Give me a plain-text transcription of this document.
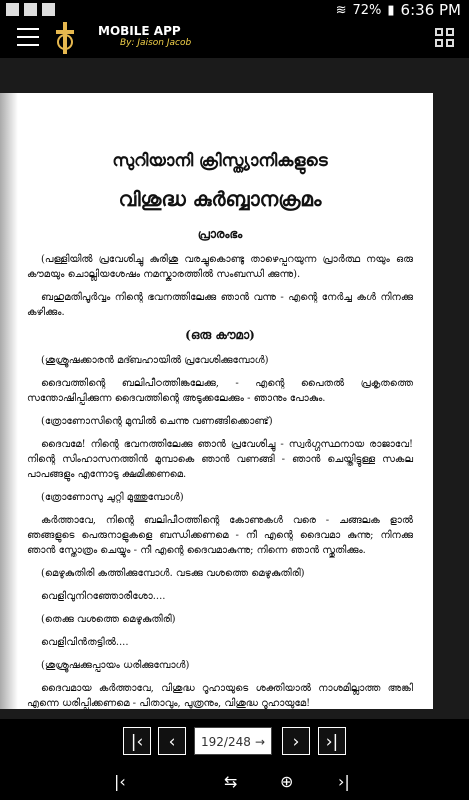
≋ 72% ▮ 6:36 PM
MOBILE APP
By: Jaison Jacob
സുറിയാനി ക്രിസ്ത്യാനികളുടെ
വിശുദ്ധ കുർബ്ബാനക്രമം
പ്രാരംഭം
(പള്ളിയിൽ പ്രവേശിച്ചു കുരിശു വരച്ചുകൊണ്ടു താഴെപ്പറയുന്ന പ്രാർത്ഥ നയും ഒരു കൗമയും ചൊല്ലിയശേഷം നമസ്കാരത്തിൽ സംബന്ധി ക്കുന്നു).
ബഹുമതിപൂർവ്വം നിന്റെ ഭവനത്തിലേക്കു ഞാൻ വന്നു - എന്റെ നേർച്ച കൾ നിനക്കു കഴിക്കും.
(ഒരു കൗമാ)
(ശുശ്രൂഷക്കാരൻ മദ്ബഹായിൽ പ്രവേശിക്കുമ്പോൾ)
ദൈവത്തിന്റെ ബലിപീഠത്തിങ്കലേക്കു, - എന്റെ പൈതൽ പ്രകൃതത്തെ സന്തോഷിപ്പിക്കുന്ന ദൈവത്തിന്റെ അടുക്കലേക്കും - ഞാനും പോകും.
(ത്രോണോസിന്റെ മുമ്പിൽ ചെന്നു വണങ്ങിക്കൊണ്ട്)
ദൈവമേ! നിന്റെ ഭവനത്തിലേക്കു ഞാൻ പ്രവേശിച്ചു - സ്വർഗ്ഗസ്ഥനായ രാജാവേ! നിന്റെ സിംഹാസനത്തിൻ മുമ്പാകെ ഞാൻ വണങ്ങി - ഞാൻ ചെയ്തിട്ടുള്ള സകല പാപങ്ങളും എന്നോടു ക്ഷമിക്കണമെ.
(ത്രോണോസു ചുറ്റി മുത്തുമ്പോൾ)
കർത്താവേ, നിന്റെ ബലിപീഠത്തിന്റെ കോണുകൾ വരെ - ചങ്ങലക ളാൽ ഞങ്ങളുടെ പെരുനാളുകളെ ബന്ധിക്കണമെ - നീ എന്റെ ദൈവമാ കുന്നു; നിനക്കു ഞാൻ സ്തോത്രം ചെയ്യും - നീ എന്റെ ദൈവമാകുന്നു; നിന്നെ ഞാൻ സ്തുതിക്കും.
(മെഴുകുതിരി കത്തിക്കുമ്പോൾ. വടക്കു വശത്തെ മെഴുകുതിരി)
വെളിവുനിറഞ്ഞോരീശോ....
(തെക്കു വശത്തെ മെഴുകുതിരി)
വെളിവിൻതട്ടിൽ....
(ശുശ്രൂഷക്കുപ്പായം ധരിക്കുമ്പോൾ)
ദൈവമായ കർത്താവേ, വിശുദ്ധ റൂഹായുടെ ശക്തിയാൽ നാശമില്ലാത്ത അങ്കി എന്നെ ധരിപ്പിക്കണമെ - പിതാവും, പുത്രനും, വിശുദ്ധ റൂഹായുമേ!
|‹	‹	192/248 →	›	›|
|‹	⇆	⊕	›|
